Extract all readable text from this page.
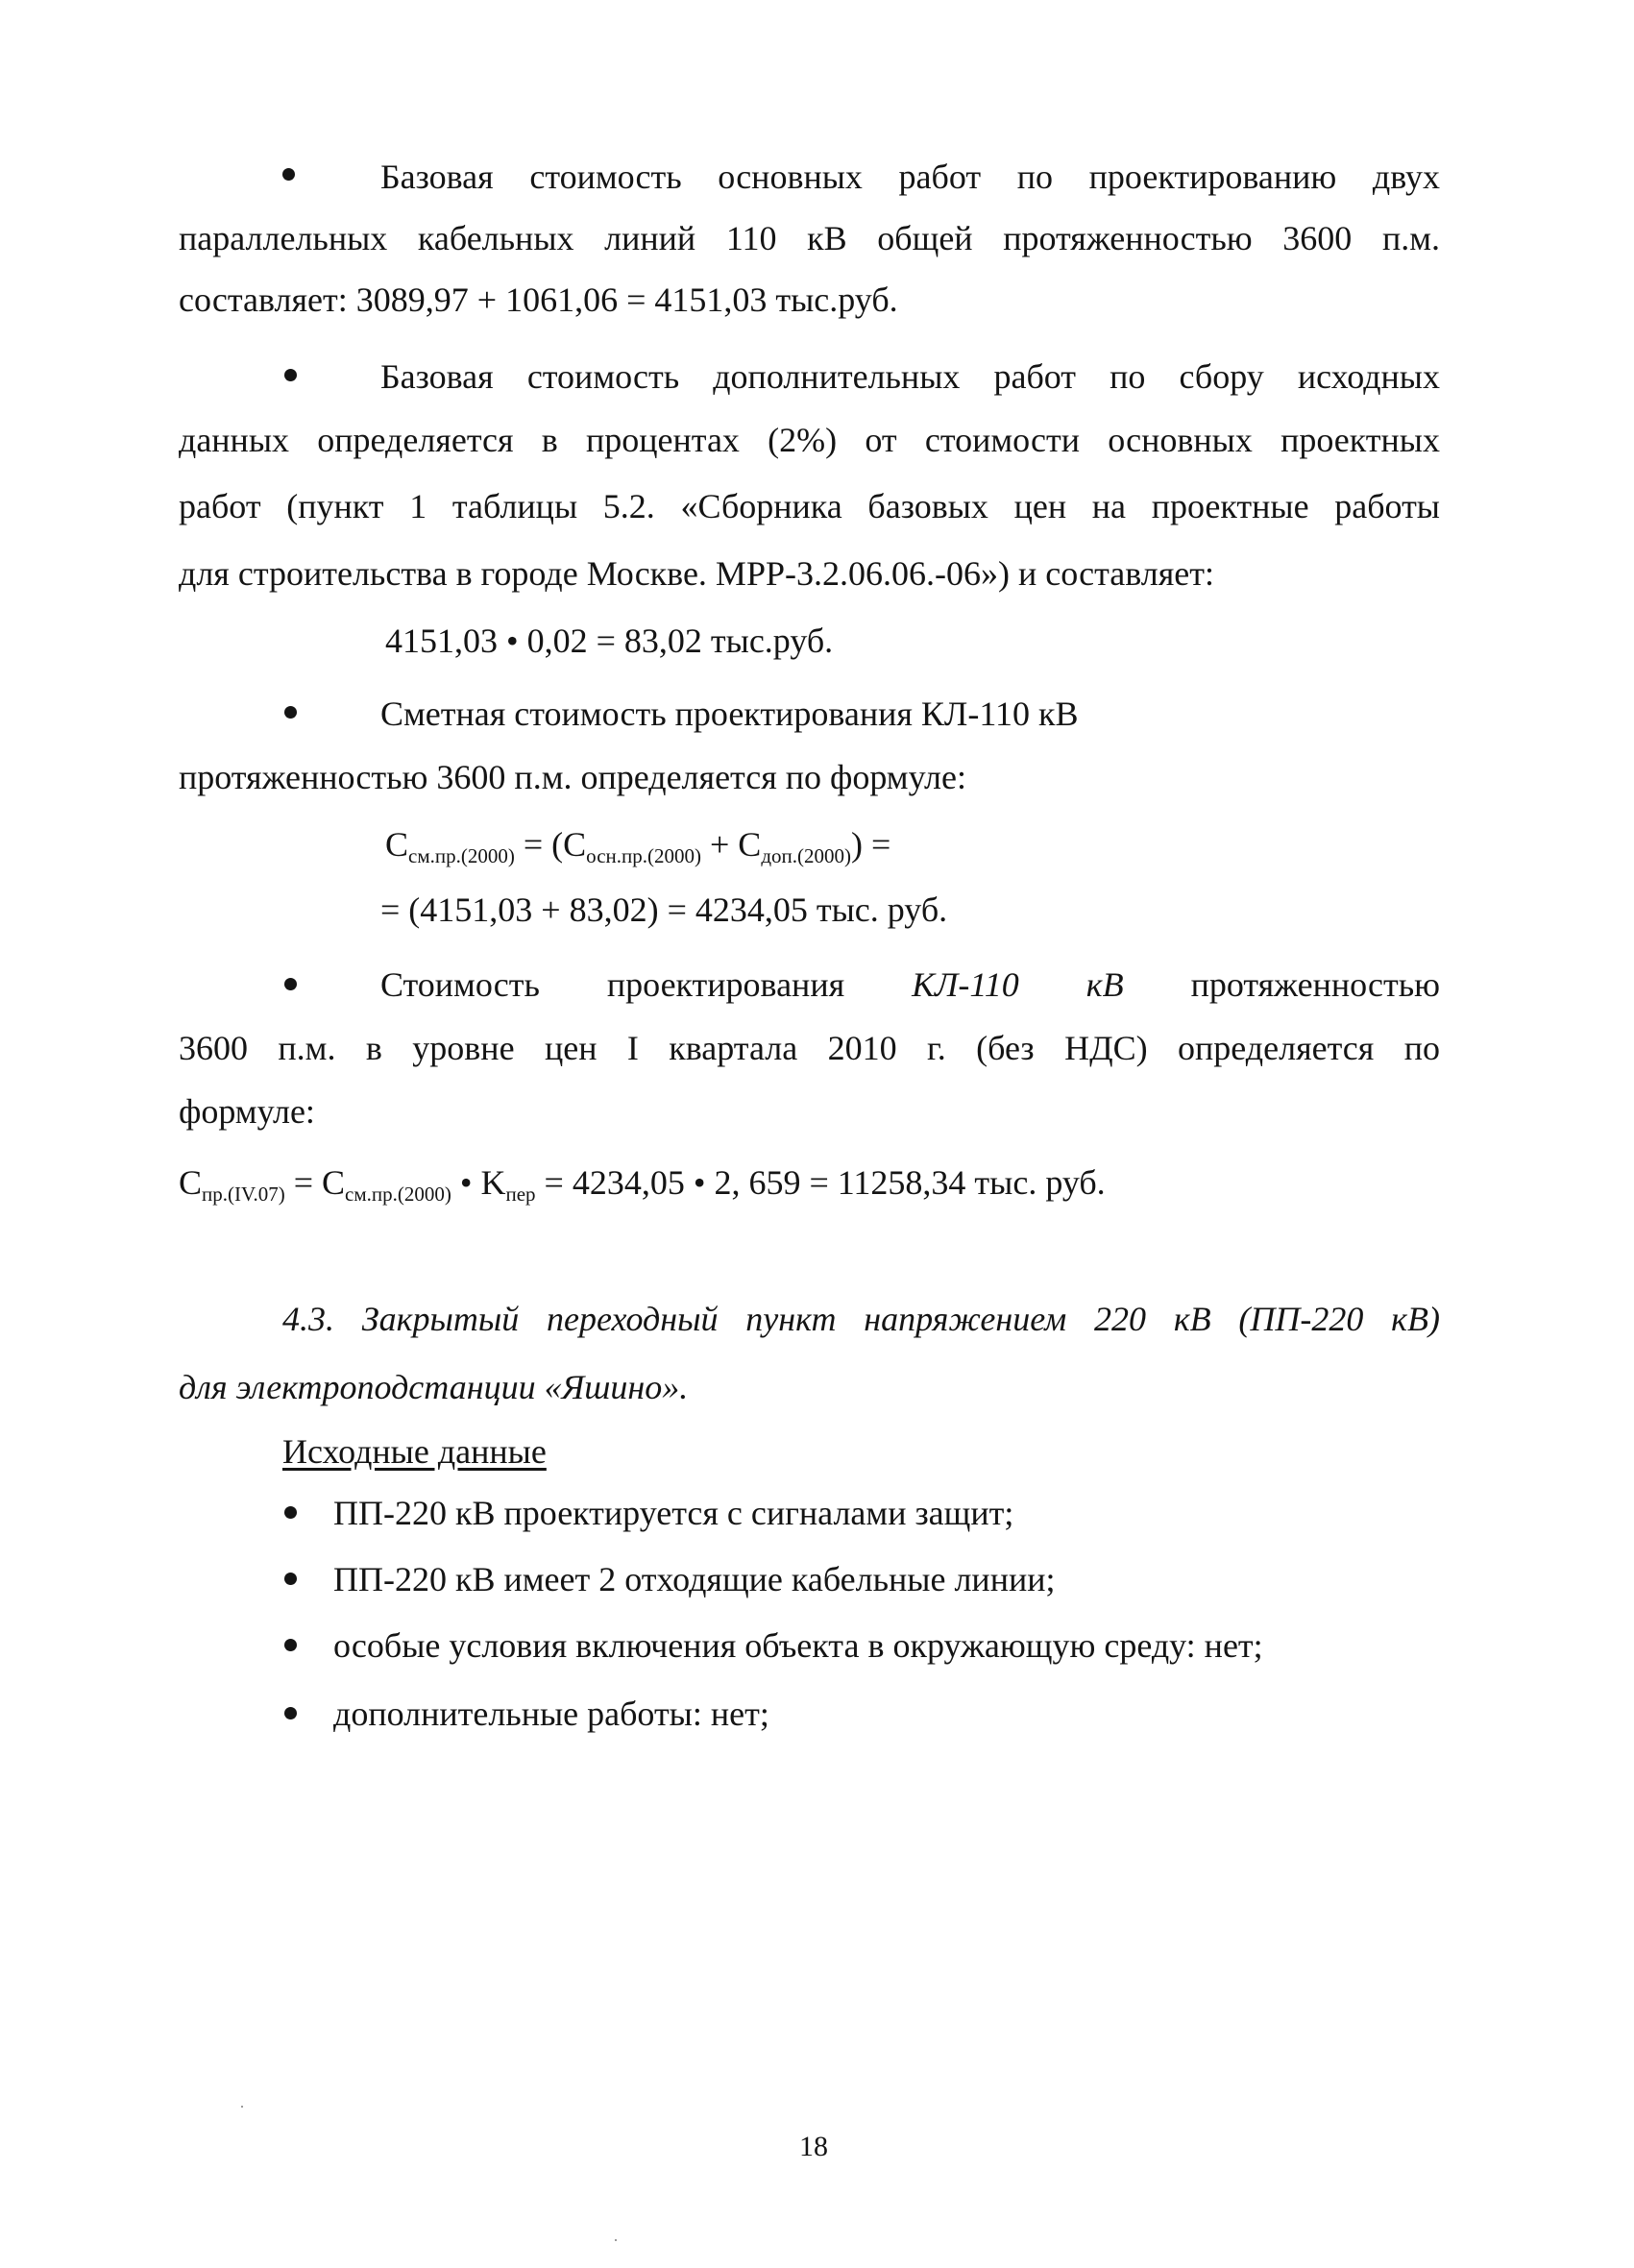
Базовая стоимость основных работ по проектированию двух
параллельных кабельных линий 110 кВ общей протяженностью 3600 п.м.
составляет: 3089,97 + 1061,06 = 4151,03 тыс.руб.
Базовая стоимость дополнительных работ по сбору исходных
данных определяется в процентах (2%) от стоимости основных проектных
работ (пункт 1 таблицы 5.2. «Сборника базовых цен на проектные работы
для строительства в городе Москве. МРР-3.2.06.06.-06») и составляет:
4151,03 • 0,02 = 83,02 тыс.руб.
Сметная стоимость проектирования КЛ-110 кВ
протяженностью 3600 п.м. определяется по формуле:
$C_{см.пр.(2000)} = (C_{осн.пр.(2000)} + C_{доп.(2000)})$ =
= (4151,03 + 83,02) = 4234,05 тыс. руб.
Стоимость проектирования КЛ-110 кВ протяженностью
3600 п.м. в уровне цен I квартала 2010 г. (без НДС) определяется по
формуле:
$C_{пр.(IV.07)} = C_{см.пр.(2000)}$ • $K_{пер} = 4234,05$ • 2, 659 = 11258,34 тыс. руб.
4.3. Закрытый переходный пункт напряжением 220 кВ (ПП-220 кВ)
для электроподстанции «Яшино».
Исходные данные
ПП-220 кВ проектируется с сигналами защит;
ПП-220 кВ имеет 2 отходящие кабельные линии;
особые условия включения объекта в окружающую среду: нет;
дополнительные работы: нет;
18
